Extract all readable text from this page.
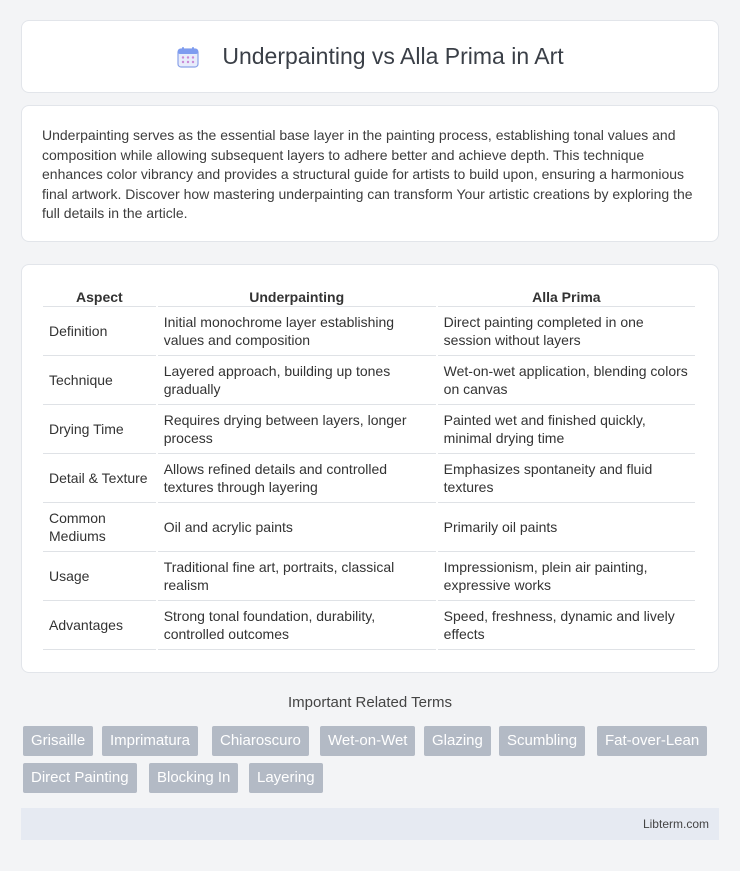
Underpainting vs Alla Prima in Art

Underpainting serves as the essential base layer in the painting process, establishing tonal values and composition while allowing subsequent layers to adhere better and achieve depth. This technique enhances color vibrancy and provides a structural guide for artists to build upon, ensuring a harmonious final artwork. Discover how mastering underpainting can transform Your artistic creations by exploring the full details in the article.

Aspect	Underpainting	Alla Prima
Definition	Initial monochrome layer establishing values and composition	Direct painting completed in one session without layers
Technique	Layered approach, building up tones gradually	Wet-on-wet application, blending colors on canvas
Drying Time	Requires drying between layers, longer process	Painted wet and finished quickly, minimal drying time
Detail & Texture	Allows refined details and controlled textures through layering	Emphasizes spontaneity and fluid textures
Common Mediums	Oil and acrylic paints	Primarily oil paints
Usage	Traditional fine art, portraits, classical realism	Impressionism, plein air painting, expressive works
Advantages	Strong tonal foundation, durability, controlled outcomes	Speed, freshness, dynamic and lively effects
Important Related Terms
Grisaille	Imprimatura	Chiaroscuro	Wet-on-Wet	Glazing	Scumbling	Fat-over-Lean
Direct Painting	Blocking In	Layering
Libterm.com
